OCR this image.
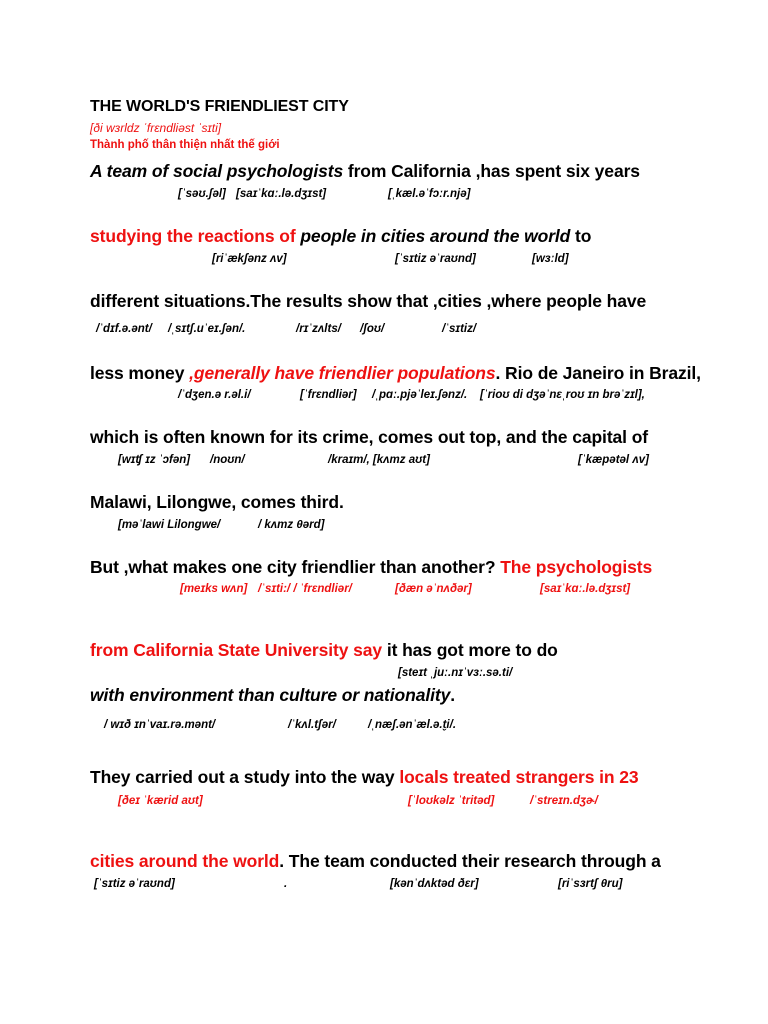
THE WORLD'S FRIENDLIEST CITY
[ði wɜrldz ˈfrɛndliəst ˈsɪti]
Thành phố thân thiện nhất thế giới
A team of social psychologists from California ,has spent six years
[ˈsəʊ.ʃəl] [saɪˈkɑː.lə.dʒɪst]	[ˌkæl.əˈfɔːr.njə]
studying the reactions of people in cities around the world to
[riˈækʃənz ʌv]	[ˈsɪtiz əˈraʊnd]	[wɜːld]
different situations.The results show that ,cities ,where people have
/ˈdɪf.ə.ənt/ /ˌsɪtʃ.uˈeɪ.ʃən/.	/rɪˈzʌlts/ /ʃoʊ/	/ˈsɪtiz/
less money ,generally have friendlier populations. Rio de Janeiro in Brazil,
/ˈdʒen.ə r.əl.i/	[ˈfrɛndliər] /ˌpɑː.pjəˈleɪ.ʃənz/. [ˈrioʊ di dʒəˈnɛˌroʊ ɪn brəˈzɪl],
which is often known for its crime, comes out top, and the capital of
[wɪʧ ɪz ˈɔfən] /noʊn/	/kraɪm/, [kʌmz aʊt]	[ˈkæpətəl ʌv]
Malawi, Lilongwe, comes third.
[məˈlawi Lilongwe/	/ kʌmz θərd]
But ,what makes one city friendlier than another? The psychologists
[meɪks wʌn] /ˈsɪti:/ / ˈfrɛndliər/	[ðæn əˈnʌðər]	[saɪˈkɑː.lə.dʒɪst]
from California State University say it has got more to do
[steɪt ˌjuː.nɪˈvɜː.sə.ti/
with environment than culture or nationality.
/ wɪð ɪnˈvaɪ.rə.mənt/	/ˈkʌl.tʃər/	/ˌnæʃ.ənˈæl.ə.t̬i/.
They carried out a study into the way locals treated strangers in 23
[ðeɪ ˈkærid aʊt]	[ˈloʊkəlz ˈtritəd]	/ˈstreɪn.dʒɚ/
cities around the world. The team conducted their research through a
[ˈsɪtiz əˈraʊnd]	.	[kənˈdʌktəd ðɛr]	[riˈsɜrtʃ θru]
